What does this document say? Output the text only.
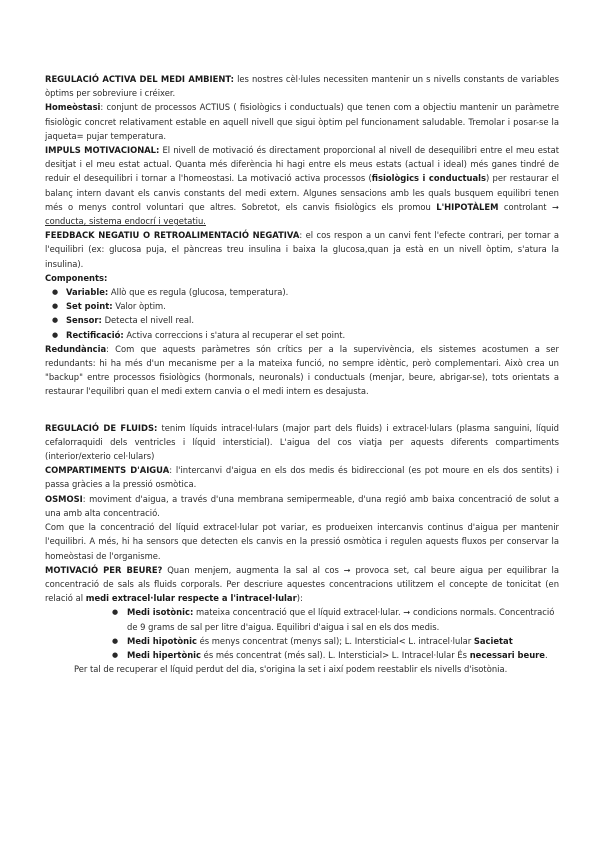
REGULACIÓ ACTIVA DEL MEDI AMBIENT: les nostres cèl·lules necessiten mantenir un s nivells constants de variables òptims per sobreviure i créixer.

Homeòstasi: conjunt de processos ACTIUS ( fisiològics i conductuals) que tenen com a objectiu mantenir un paràmetre fisiològic concret relativament estable en aquell nivell que sigui òptim pel funcionament saludable. Tremolar i posar-se la jaqueta= pujar temperatura.

IMPULS MOTIVACIONAL: El nivell de motivació és directament proporcional al nivell de desequilibri entre el meu estat desitjat i el meu estat actual. Quanta més diferència hi hagi entre els meus estats (actual i ideal) més ganes tindré de reduir el desequilibri i tornar a l'homeostasi. La motivació activa processos (fisiològics i conductuals) per restaurar el balanç intern davant els canvis constants del medi extern. Algunes sensacions amb les quals busquem equilibri tenen més o menys control voluntari que altres. Sobretot, els canvis fisiològics els promou L'HIPOTÀLEM controlant ➞ conducta, sistema endocrí i vegetatiu.

FEEDBACK NEGATIU O RETROALIMENTACIÓ NEGATIVA: el cos respon a un canvi fent l'efecte contrari, per tornar a l'equilibri (ex: glucosa puja, el pàncreas treu insulina i baixa la glucosa,quan ja està en un nivell òptim, s'atura la insulina).

Components:

● Variable: Allò que es regula (glucosa, temperatura).
● Set point: Valor òptim.
● Sensor: Detecta el nivell real.
● Rectificació: Activa correccions i s'atura al recuperar el set point.

Redundància: Com que aquests paràmetres són crítics per a la supervivència, els sistemes acostumen a ser redundants: hi ha més d'un mecanisme per a la mateixa funció, no sempre idèntic, però complementari. Això crea un "backup" entre processos fisiològics (hormonals, neuronals) i conductuals (menjar, beure, abrigar-se), tots orientats a restaurar l'equilibri quan el medi extern canvia o el medi intern es desajusta.

REGULACIÓ DE FLUIDS: tenim líquids intracel·lulars (major part dels fluids) i extracel·lulars (plasma sanguini, líquid cefalorraquidi dels ventricles i líquid intersticial). L'aigua del cos viatja per aquests diferents compartiments (interior/exterio cel·lulars)

COMPARTIMENTS D'AIGUA: l'intercanvi d'aigua en els dos medis és bidireccional (es pot moure en els dos sentits) i passa gràcies a la pressió osmòtica.

OSMOSI: moviment d'aigua, a través d'una membrana semipermeable, d'una regió amb baixa concentració de solut a una amb alta concentració.

Com que la concentració del líquid extracel·lular pot variar, es produeixen intercanvis continus d'aigua per mantenir l'equilibri. A més, hi ha sensors que detecten els canvis en la pressió osmòtica i regulen aquests fluxos per conservar la homeòstasi de l'organisme.

MOTIVACIÓ PER BEURE? Quan menjem, augmenta la sal al cos ➞ provoca set, cal beure aigua per equilibrar la concentració de sals als fluids corporals. Per descriure aquestes concentracions utilitzem el concepte de tonicitat (en relació al medi extracel·lular respecte a l'intracel·lular):

● Medi isotònic: mateixa concentració que el líquid extracel·lular. ➞ condicions normals. Concentració de 9 grams de sal per litre d'aigua. Equilibri d'aigua i sal en els dos medis.
● Medi hipotònic és menys concentrat (menys sal); L. Intersticial< L. intracel·lular Sacietat
● Medi hipertònic és més concentrat (més sal). L. Intersticial> L. Intracel·lular És necessari beure.

Per tal de recuperar el líquid perdut del dia, s'origina la set i així podem reestablir els nivells d'isotònia.
